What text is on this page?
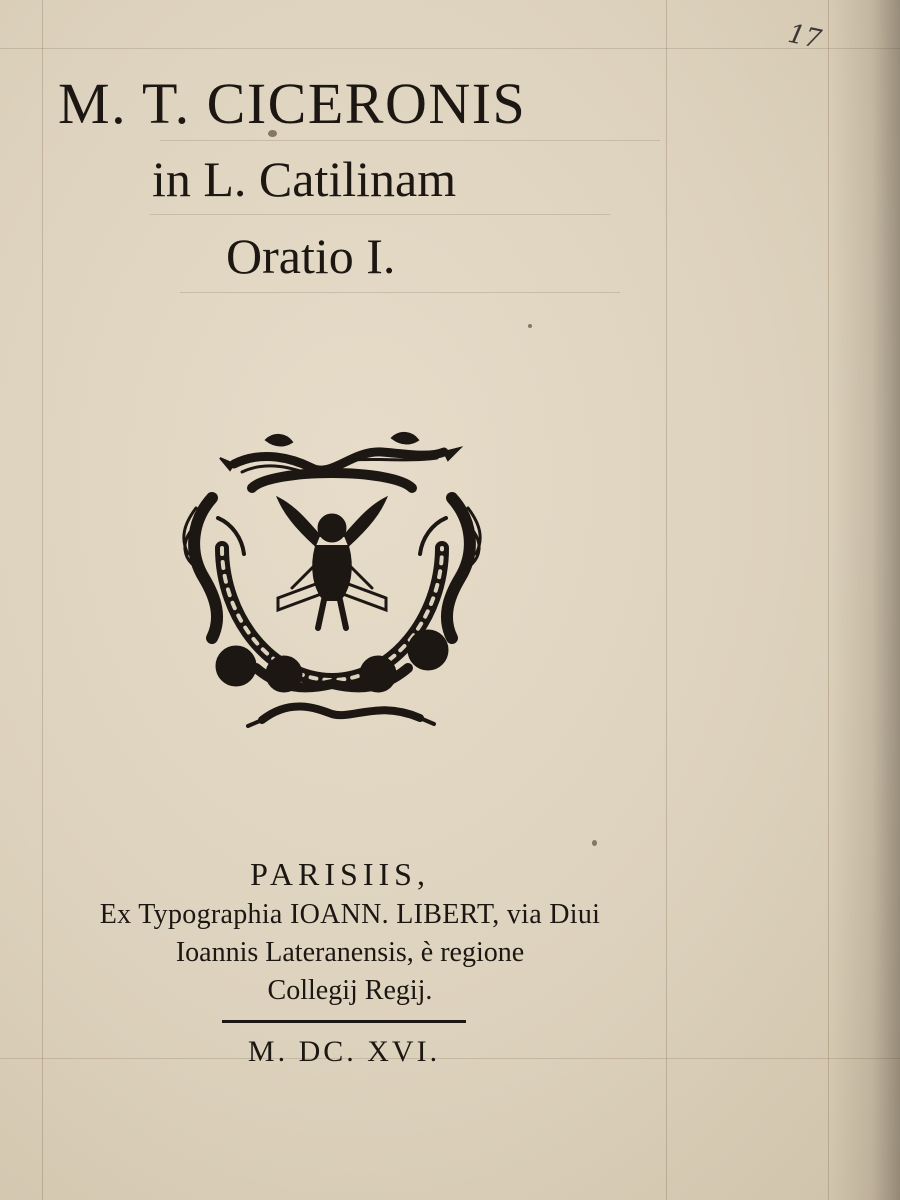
17
M. T. CICERONIS
in L. Catilinam
Oratio I.
PARISIIS,
Ex Typographia IOANN. LIBERT, via Diui
Ioannis Lateranensis, è regione
Collegij Regij.
M. DC. XVI.
